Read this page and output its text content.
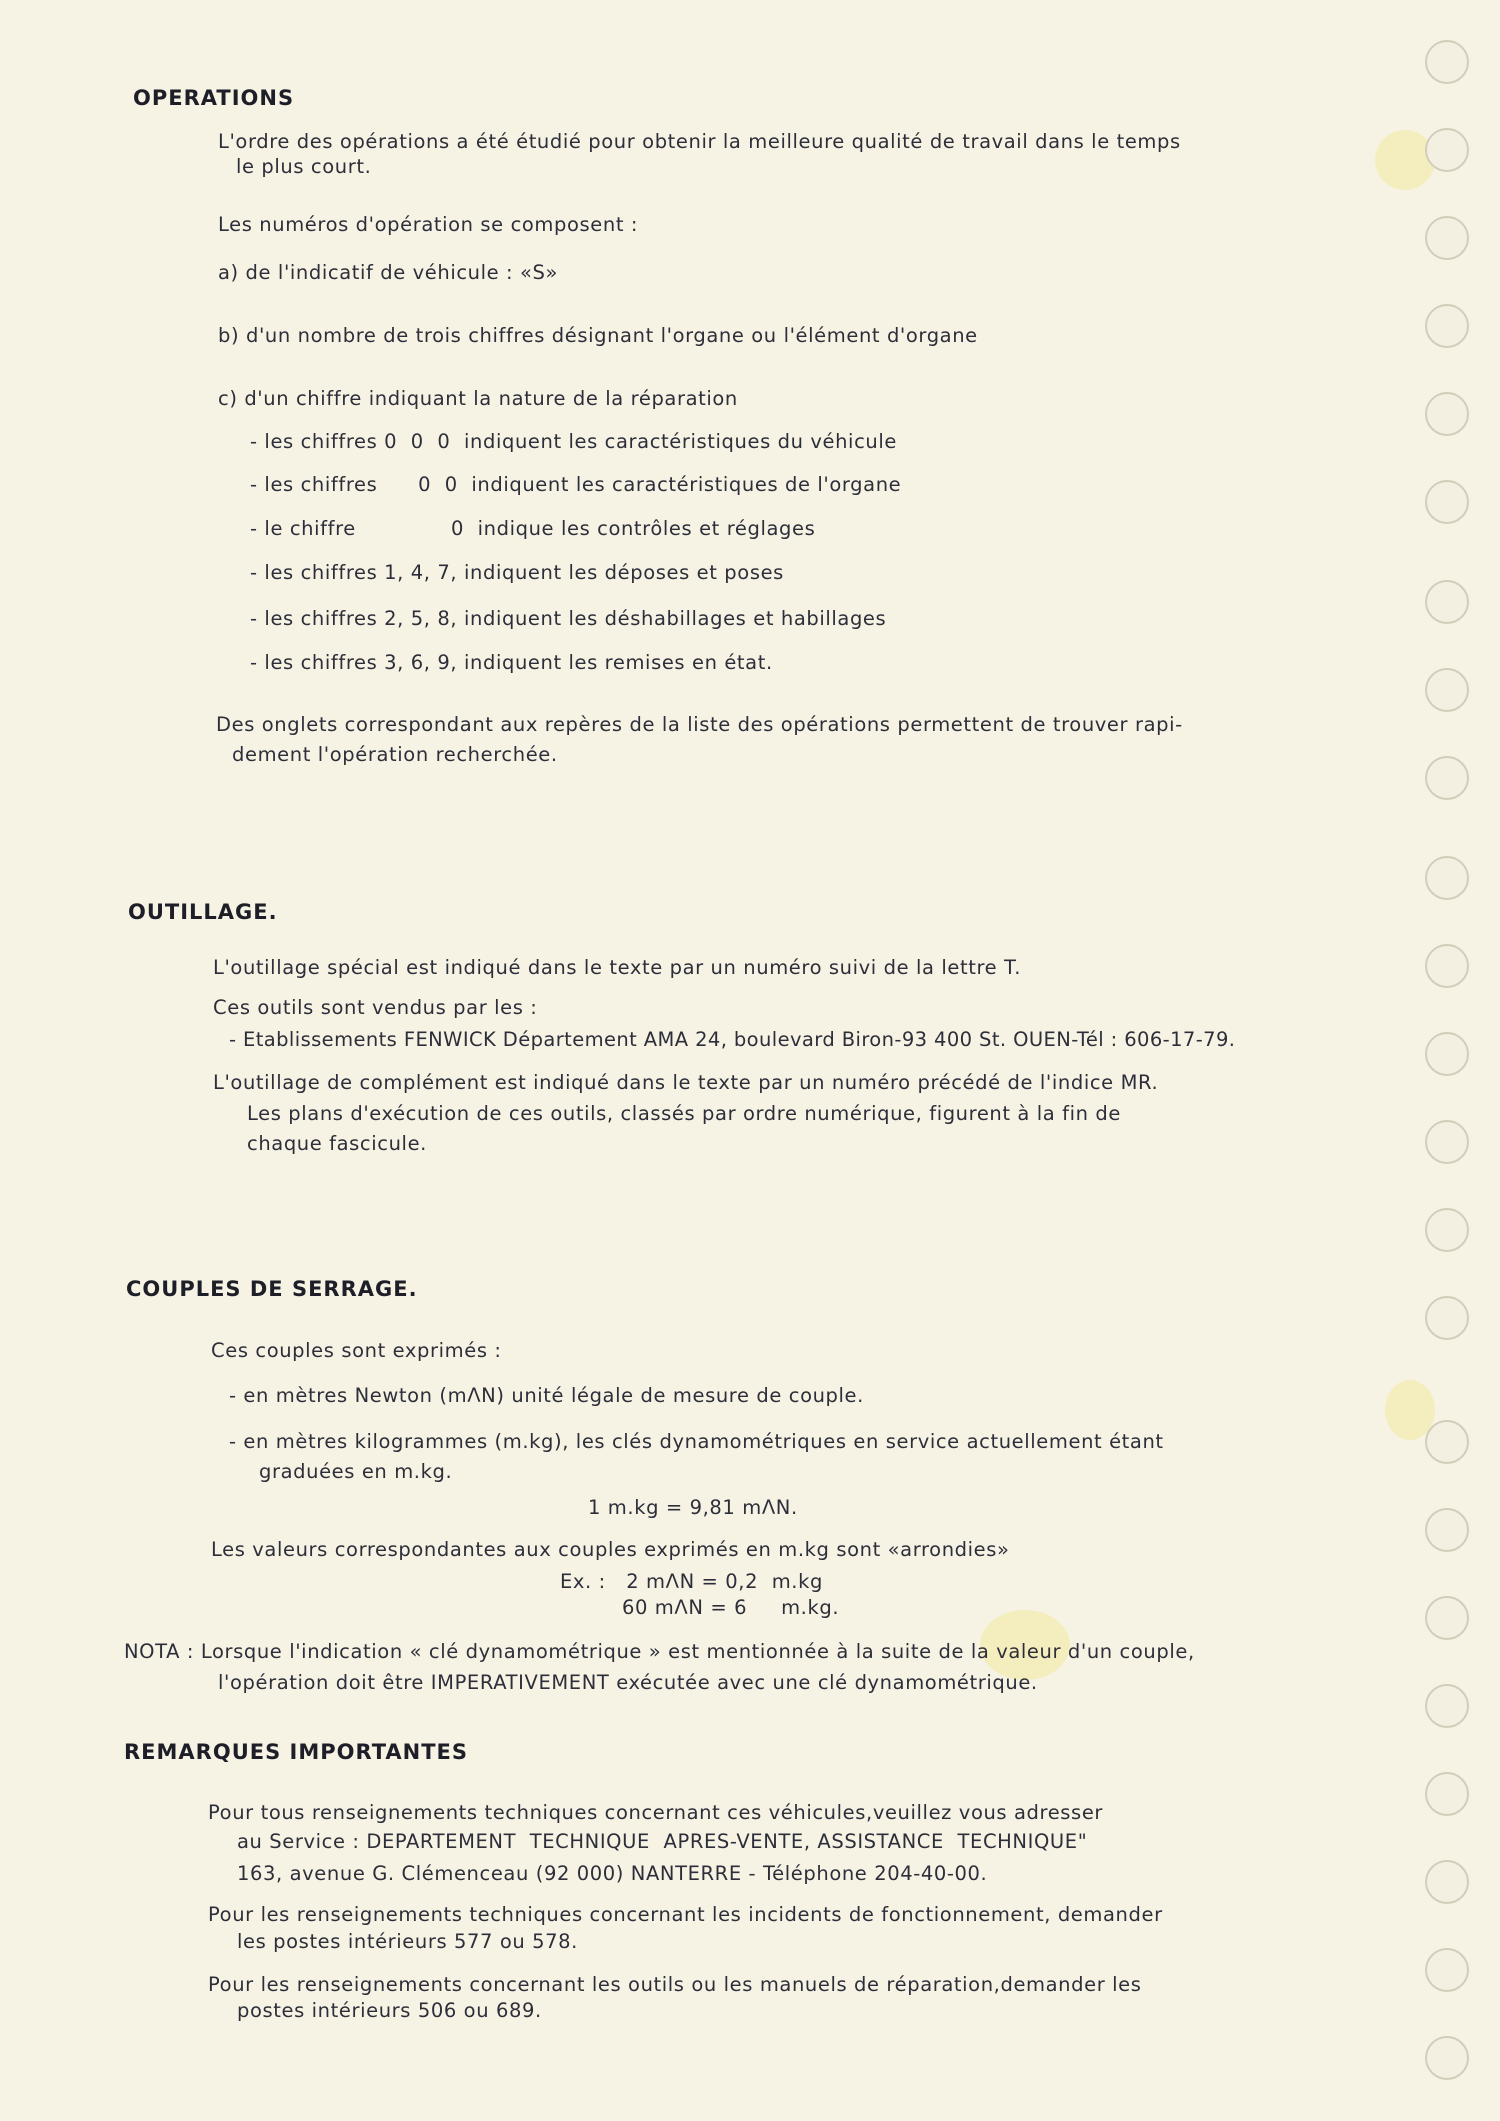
OPERATIONS

L'ordre des opérations a été étudié pour obtenir la meilleure qualité de travail dans le temps

le plus court.

Les numéros d'opération se composent :

a) de l'indicatif de véhicule : «S»

b) d'un nombre de trois chiffres désignant l'organe ou l'élément d'organe

c) d'un chiffre indiquant la nature de la réparation

- les chiffres 0  0  0  indiquent les caractéristiques du véhicule

- les chiffres      0  0  indiquent les caractéristiques de l'organe

- le chiffre              0  indique les contrôles et réglages

- les chiffres 1, 4, 7, indiquent les déposes et poses

- les chiffres 2, 5, 8, indiquent les déshabillages et habillages

- les chiffres 3, 6, 9, indiquent les remises en état.

Des onglets correspondant aux repères de la liste des opérations permettent de trouver rapi-

dement l'opération recherchée.

OUTILLAGE.

L'outillage spécial est indiqué dans le texte par un numéro suivi de la lettre T.

Ces outils sont vendus par les :

- Etablissements FENWICK Département AMA 24, boulevard Biron-93 400 St. OUEN-Tél : 606-17-79.

L'outillage de complément est indiqué dans le texte par un numéro précédé de l'indice MR.

Les plans d'exécution de ces outils, classés par ordre numérique, figurent à la fin de

chaque fascicule.

COUPLES DE SERRAGE.

Ces couples sont exprimés :

- en mètres Newton (mΛN) unité légale de mesure de couple.

- en mètres kilogrammes (m.kg), les clés dynamométriques en service actuellement étant

graduées en m.kg.

1 m.kg = 9,81 mΛN.

Les valeurs correspondantes aux couples exprimés en m.kg sont «arrondies»

Ex. :   2 mΛN = 0,2  m.kg

60 mΛN = 6     m.kg.

NOTA : Lorsque l'indication « clé dynamométrique » est mentionnée à la suite de la valeur d'un couple,

l'opération doit être IMPERATIVEMENT exécutée avec une clé dynamométrique.

REMARQUES IMPORTANTES

Pour tous renseignements techniques concernant ces véhicules,veuillez vous adresser

au Service : DEPARTEMENT  TECHNIQUE  APRES-VENTE, ASSISTANCE  TECHNIQUE"

163, avenue G. Clémenceau (92 000) NANTERRE - Téléphone 204-40-00.

Pour les renseignements techniques concernant les incidents de fonctionnement, demander

les postes intérieurs 577 ou 578.

Pour les renseignements concernant les outils ou les manuels de réparation,demander les

postes intérieurs 506 ou 689.
